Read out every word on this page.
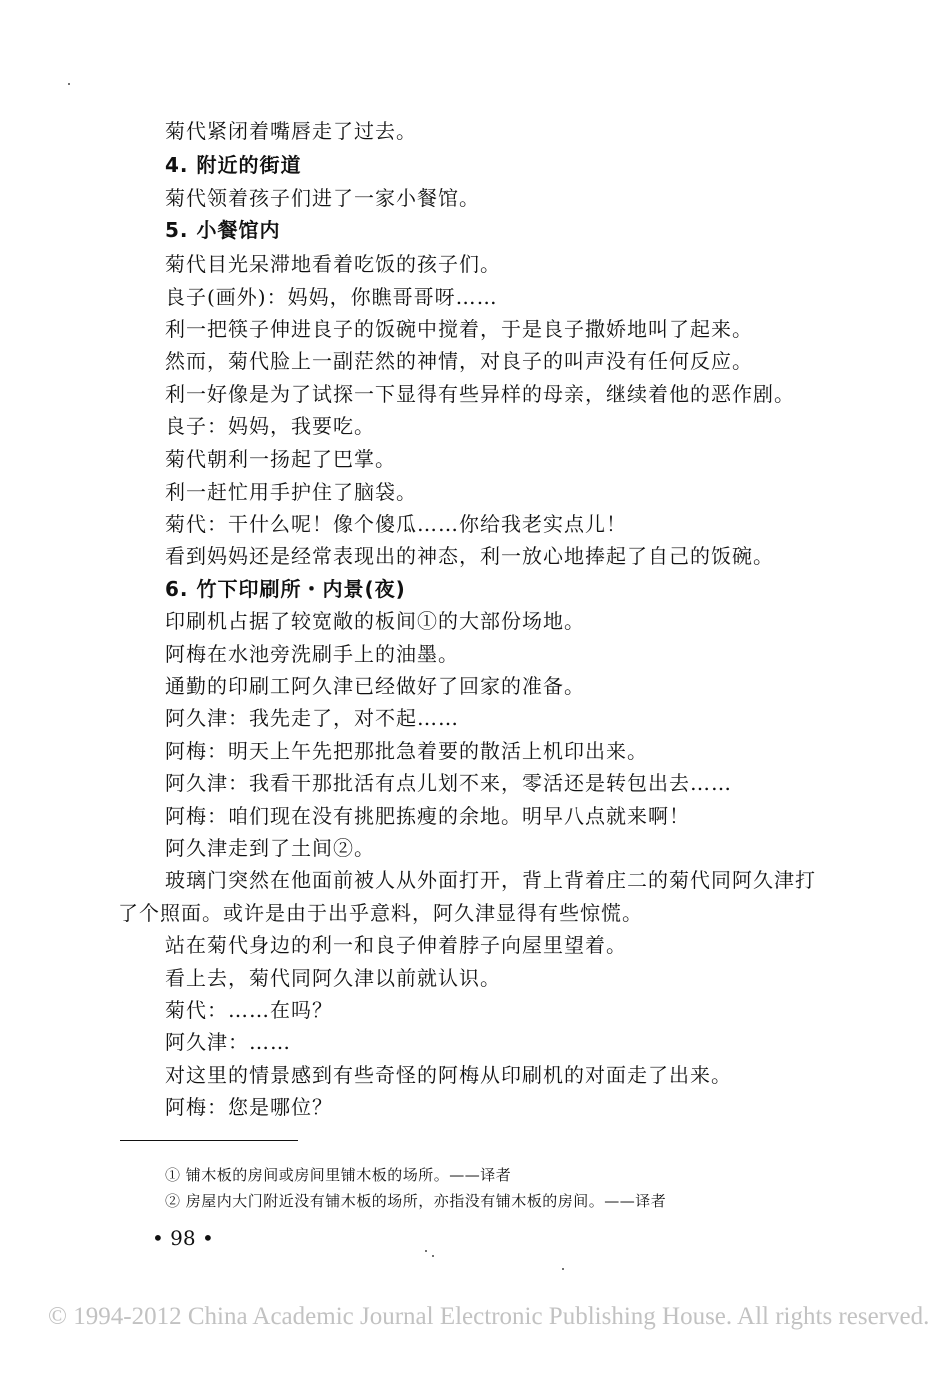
菊代紧闭着嘴唇走了过去。
4. 附近的街道
菊代领着孩子们进了一家小餐馆。
5. 小餐馆内
菊代目光呆滞地看着吃饭的孩子们。
良子(画外)：妈妈，你瞧哥哥呀……
利一把筷子伸进良子的饭碗中搅着，于是良子撒娇地叫了起来。
然而，菊代脸上一副茫然的神情，对良子的叫声没有任何反应。
利一好像是为了试探一下显得有些异样的母亲，继续着他的恶作剧。
良子：妈妈，我要吃。
菊代朝利一扬起了巴掌。
利一赶忙用手护住了脑袋。
菊代：干什么呢！像个傻瓜……你给我老实点儿！
看到妈妈还是经常表现出的神态，利一放心地捧起了自己的饭碗。
6. 竹下印刷所・内景(夜)
印刷机占据了较宽敞的板间①的大部份场地。
阿梅在水池旁洗刷手上的油墨。
通勤的印刷工阿久津已经做好了回家的准备。
阿久津：我先走了，对不起……
阿梅：明天上午先把那批急着要的散活上机印出来。
阿久津：我看干那批活有点儿划不来，零活还是转包出去……
阿梅：咱们现在没有挑肥拣瘦的余地。明早八点就来啊！
阿久津走到了土间②。
玻璃门突然在他面前被人从外面打开，背上背着庄二的菊代同阿久津打
了个照面。或许是由于出乎意料，阿久津显得有些惊慌。
站在菊代身边的利一和良子伸着脖子向屋里望着。
看上去，菊代同阿久津以前就认识。
菊代：……在吗？
阿久津：……
对这里的情景感到有些奇怪的阿梅从印刷机的对面走了出来。
阿梅：您是哪位？
① 铺木板的房间或房间里铺木板的场所。——译者
② 房屋内大门附近没有铺木板的场所，亦指没有铺木板的房间。——译者
• 98 •
© 1994-2012 China Academic Journal Electronic Publishing House. All rights reserved.
